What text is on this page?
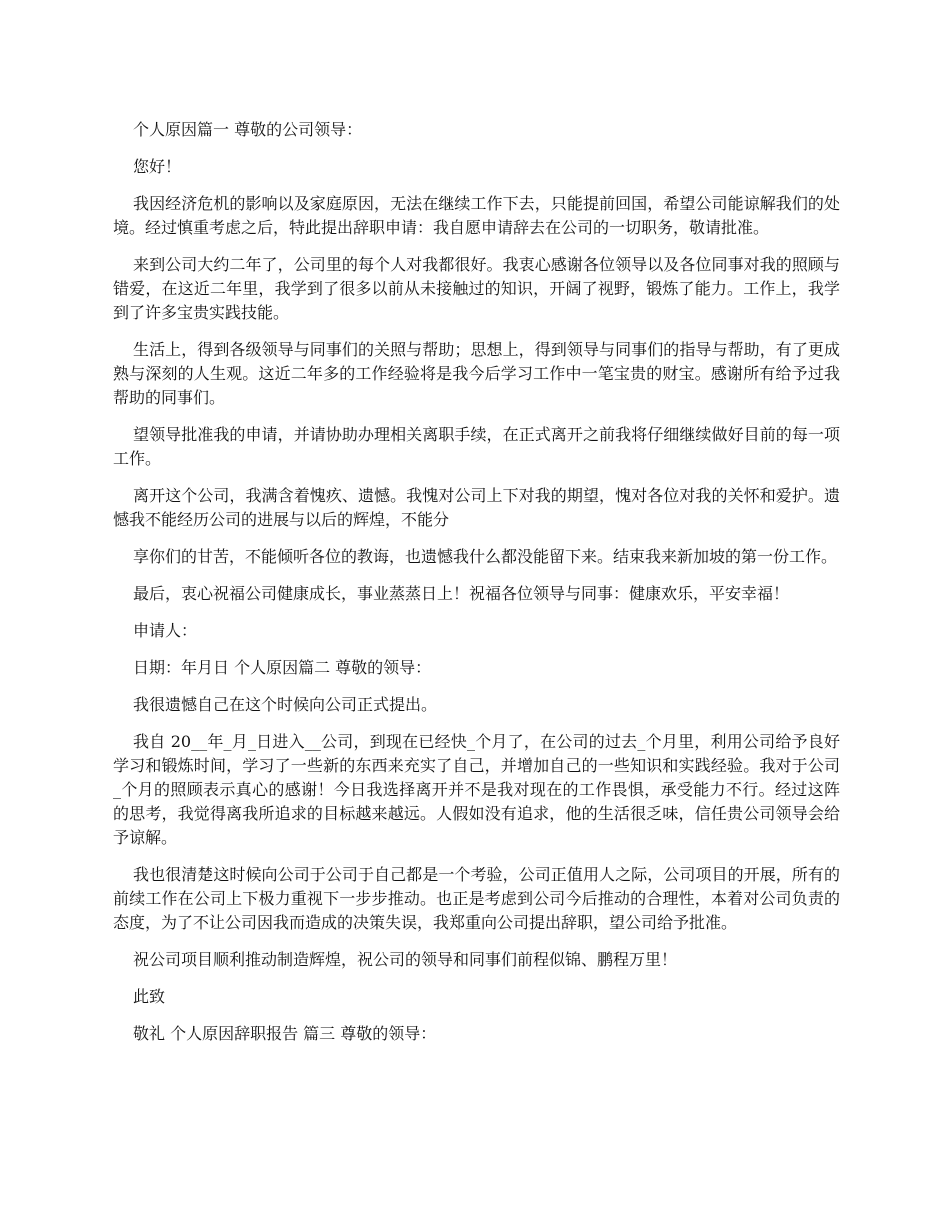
个人原因篇一 尊敬的公司领导：

您好！

我因经济危机的影响以及家庭原因，无法在继续工作下去，只能提前回国，希望公司能谅解我们的处境。经过慎重考虑之后，特此提出辞职申请：我自愿申请辞去在公司的一切职务，敬请批准。

来到公司大约二年了，公司里的每个人对我都很好。我衷心感谢各位领导以及各位同事对我的照顾与错爱，在这近二年里，我学到了很多以前从未接触过的知识，开阔了视野，锻炼了能力。工作上，我学到了许多宝贵实践技能。

生活上，得到各级领导与同事们的关照与帮助；思想上，得到领导与同事们的指导与帮助，有了更成熟与深刻的人生观。这近二年多的工作经验将是我今后学习工作中一笔宝贵的财宝。感谢所有给予过我帮助的同事们。

望领导批准我的申请，并请协助办理相关离职手续，在正式离开之前我将仔细继续做好目前的每一项工作。

离开这个公司，我满含着愧疚、遗憾。我愧对公司上下对我的期望，愧对各位对我的关怀和爱护。遗憾我不能经历公司的进展与以后的辉煌，不能分

享你们的甘苦，不能倾听各位的教诲，也遗憾我什么都没能留下来。结束我来新加坡的第一份工作。

最后，衷心祝福公司健康成长，事业蒸蒸日上！祝福各位领导与同事：健康欢乐，平安幸福！

申请人：

日期：年月日 个人原因篇二 尊敬的领导：

我很遗憾自己在这个时候向公司正式提出。

我自 20__年_月_日进入__公司，到现在已经快_个月了，在公司的过去_个月里，利用公司给予良好学习和锻炼时间，学习了一些新的东西来充实了自己，并增加自己的一些知识和实践经验。我对于公司_个月的照顾表示真心的感谢！今日我选择离开并不是我对现在的工作畏惧，承受能力不行。经过这阵的思考，我觉得离我所追求的目标越来越远。人假如没有追求，他的生活很乏味，信任贵公司领导会给予谅解。

我也很清楚这时候向公司于公司于自己都是一个考验，公司正值用人之际，公司项目的开展，所有的前续工作在公司上下极力重视下一步步推动。也正是考虑到公司今后推动的合理性，本着对公司负责的态度，为了不让公司因我而造成的决策失误，我郑重向公司提出辞职，望公司给予批准。

祝公司项目顺利推动制造辉煌，祝公司的领导和同事们前程似锦、鹏程万里！

此致

敬礼 个人原因辞职报告 篇三 尊敬的领导：
